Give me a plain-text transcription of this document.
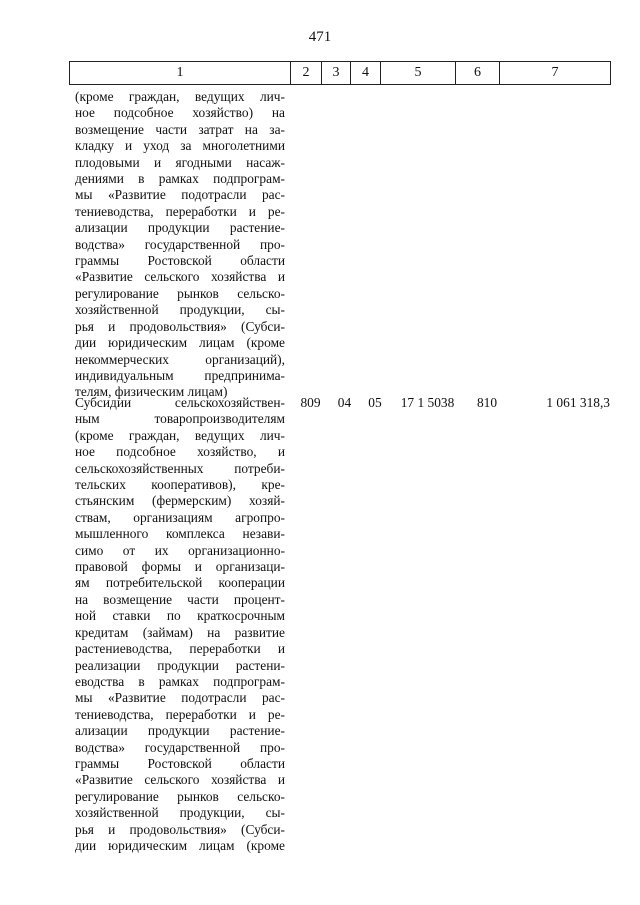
471
1	2	3	4	5	6	7
(кроме граждан, ведущих лич-
ное подсобное хозяйство) на
возмещение части затрат на за-
кладку и уход за многолетними
плодовыми и ягодными насаж-
дениями в рамках подпрограм-
мы «Развитие подотрасли рас-
тениеводства, переработки и ре-
ализации продукции растение-
водства» государственной про-
граммы Ростовской области
«Развитие сельского хозяйства и
регулирование рынков сельско-
хозяйственной продукции, сы-
рья и продовольствия» (Субси-
дии юридическим лицам (кроме
некоммерческих организаций),
индивидуальным предпринима-
телям, физическим лицам)
Субсидии сельскохозяйствен-
ным товаропроизводителям
(кроме граждан, ведущих лич-
ное подсобное хозяйство, и
сельскохозяйственных потреби-
тельских кооперативов), кре-
стьянским (фермерским) хозяй-
ствам, организациям агропро-
мышленного комплекса незави-
симо от их организационно-
правовой формы и организаци-
ям потребительской кооперации
на возмещение части процент-
ной ставки по краткосрочным
кредитам (займам) на развитие
растениеводства, переработки и
реализации продукции растени-
еводства в рамках подпрограм-
мы «Развитие подотрасли рас-
тениеводства, переработки и ре-
ализации продукции растение-
водства» государственной про-
граммы Ростовской области
«Развитие сельского хозяйства и
регулирование рынков сельско-
хозяйственной продукции, сы-
рья и продовольствия» (Субси-
дии юридическим лицам (кроме
809	04	05	17 1 5038	810	1 061 318,3
